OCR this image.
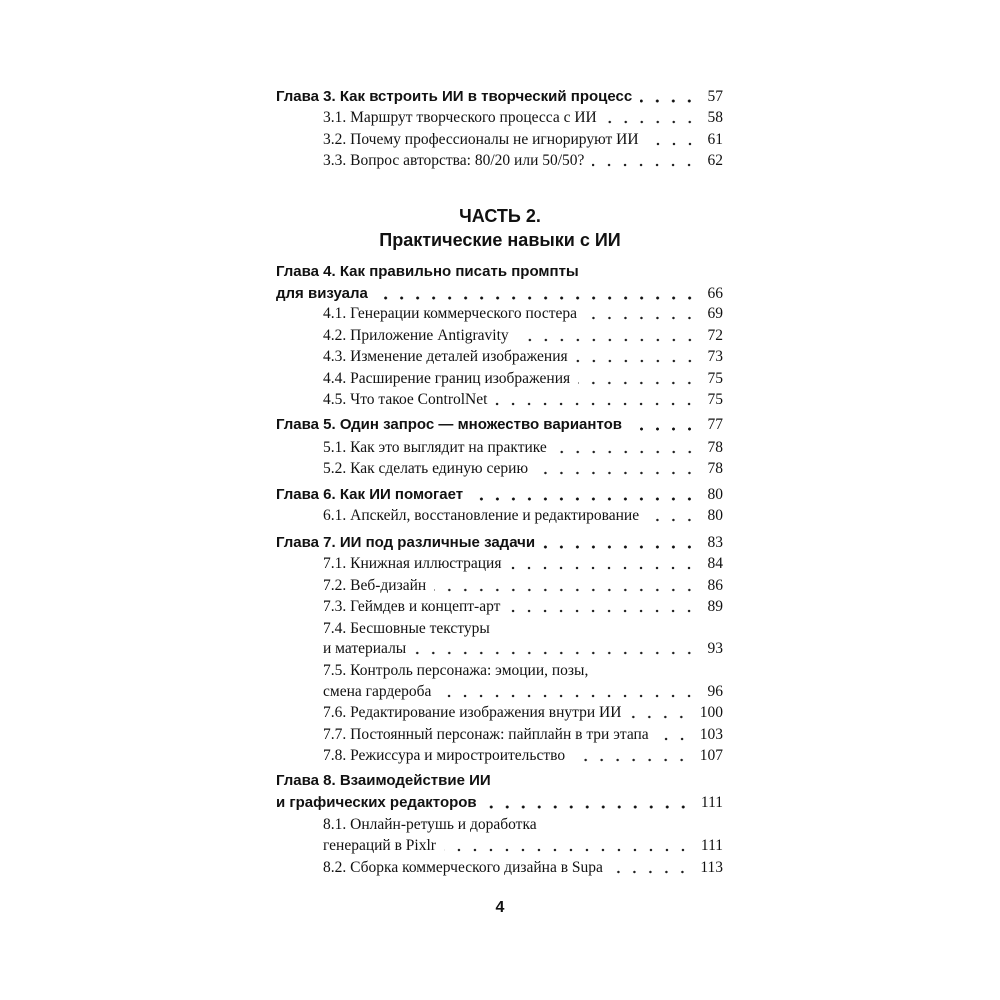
ЧАСТЬ 2.
Практические навыки с ИИ
Глава 3. Как встроить ИИ в творческий процесс	57
3.1. Маршрут творческого процесса с ИИ	58
3.2. Почему профессионалы не игнорируют ИИ	61
3.3. Вопрос авторства: 80/20 или 50/50?	62
Глава 4. Как правильно писать промпты
для визуала	66
4.1. Генерации коммерческого постера	69
4.2. Приложение Antigravity	72
4.3. Изменение деталей изображения	73
4.4. Расширение границ изображения	75
4.5. Что такое ControlNet	75
Глава 5. Один запрос — множество вариантов	77
5.1. Как это выглядит на практике	78
5.2. Как сделать единую серию	78
Глава 6. Как ИИ помогает	80
6.1. Апскейл, восстановление и редактирование	80
Глава 7. ИИ под различные задачи	83
7.1. Книжная иллюстрация	84
7.2. Веб-дизайн	86
7.3. Геймдев и концепт-арт	89
7.4. Бесшовные текстуры
и материалы	93
7.5. Контроль персонажа: эмоции, позы,
смена гардероба	96
7.6. Редактирование изображения внутри ИИ	100
7.7. Постоянный персонаж: пайплайн в три этапа	103
7.8. Режиссура и миростроительство	107
Глава 8. Взаимодействие ИИ
и графических редакторов	111
8.1. Онлайн-ретушь и доработка
генераций в Pixlr	111
8.2. Сборка коммерческого дизайна в Supa	113
4
